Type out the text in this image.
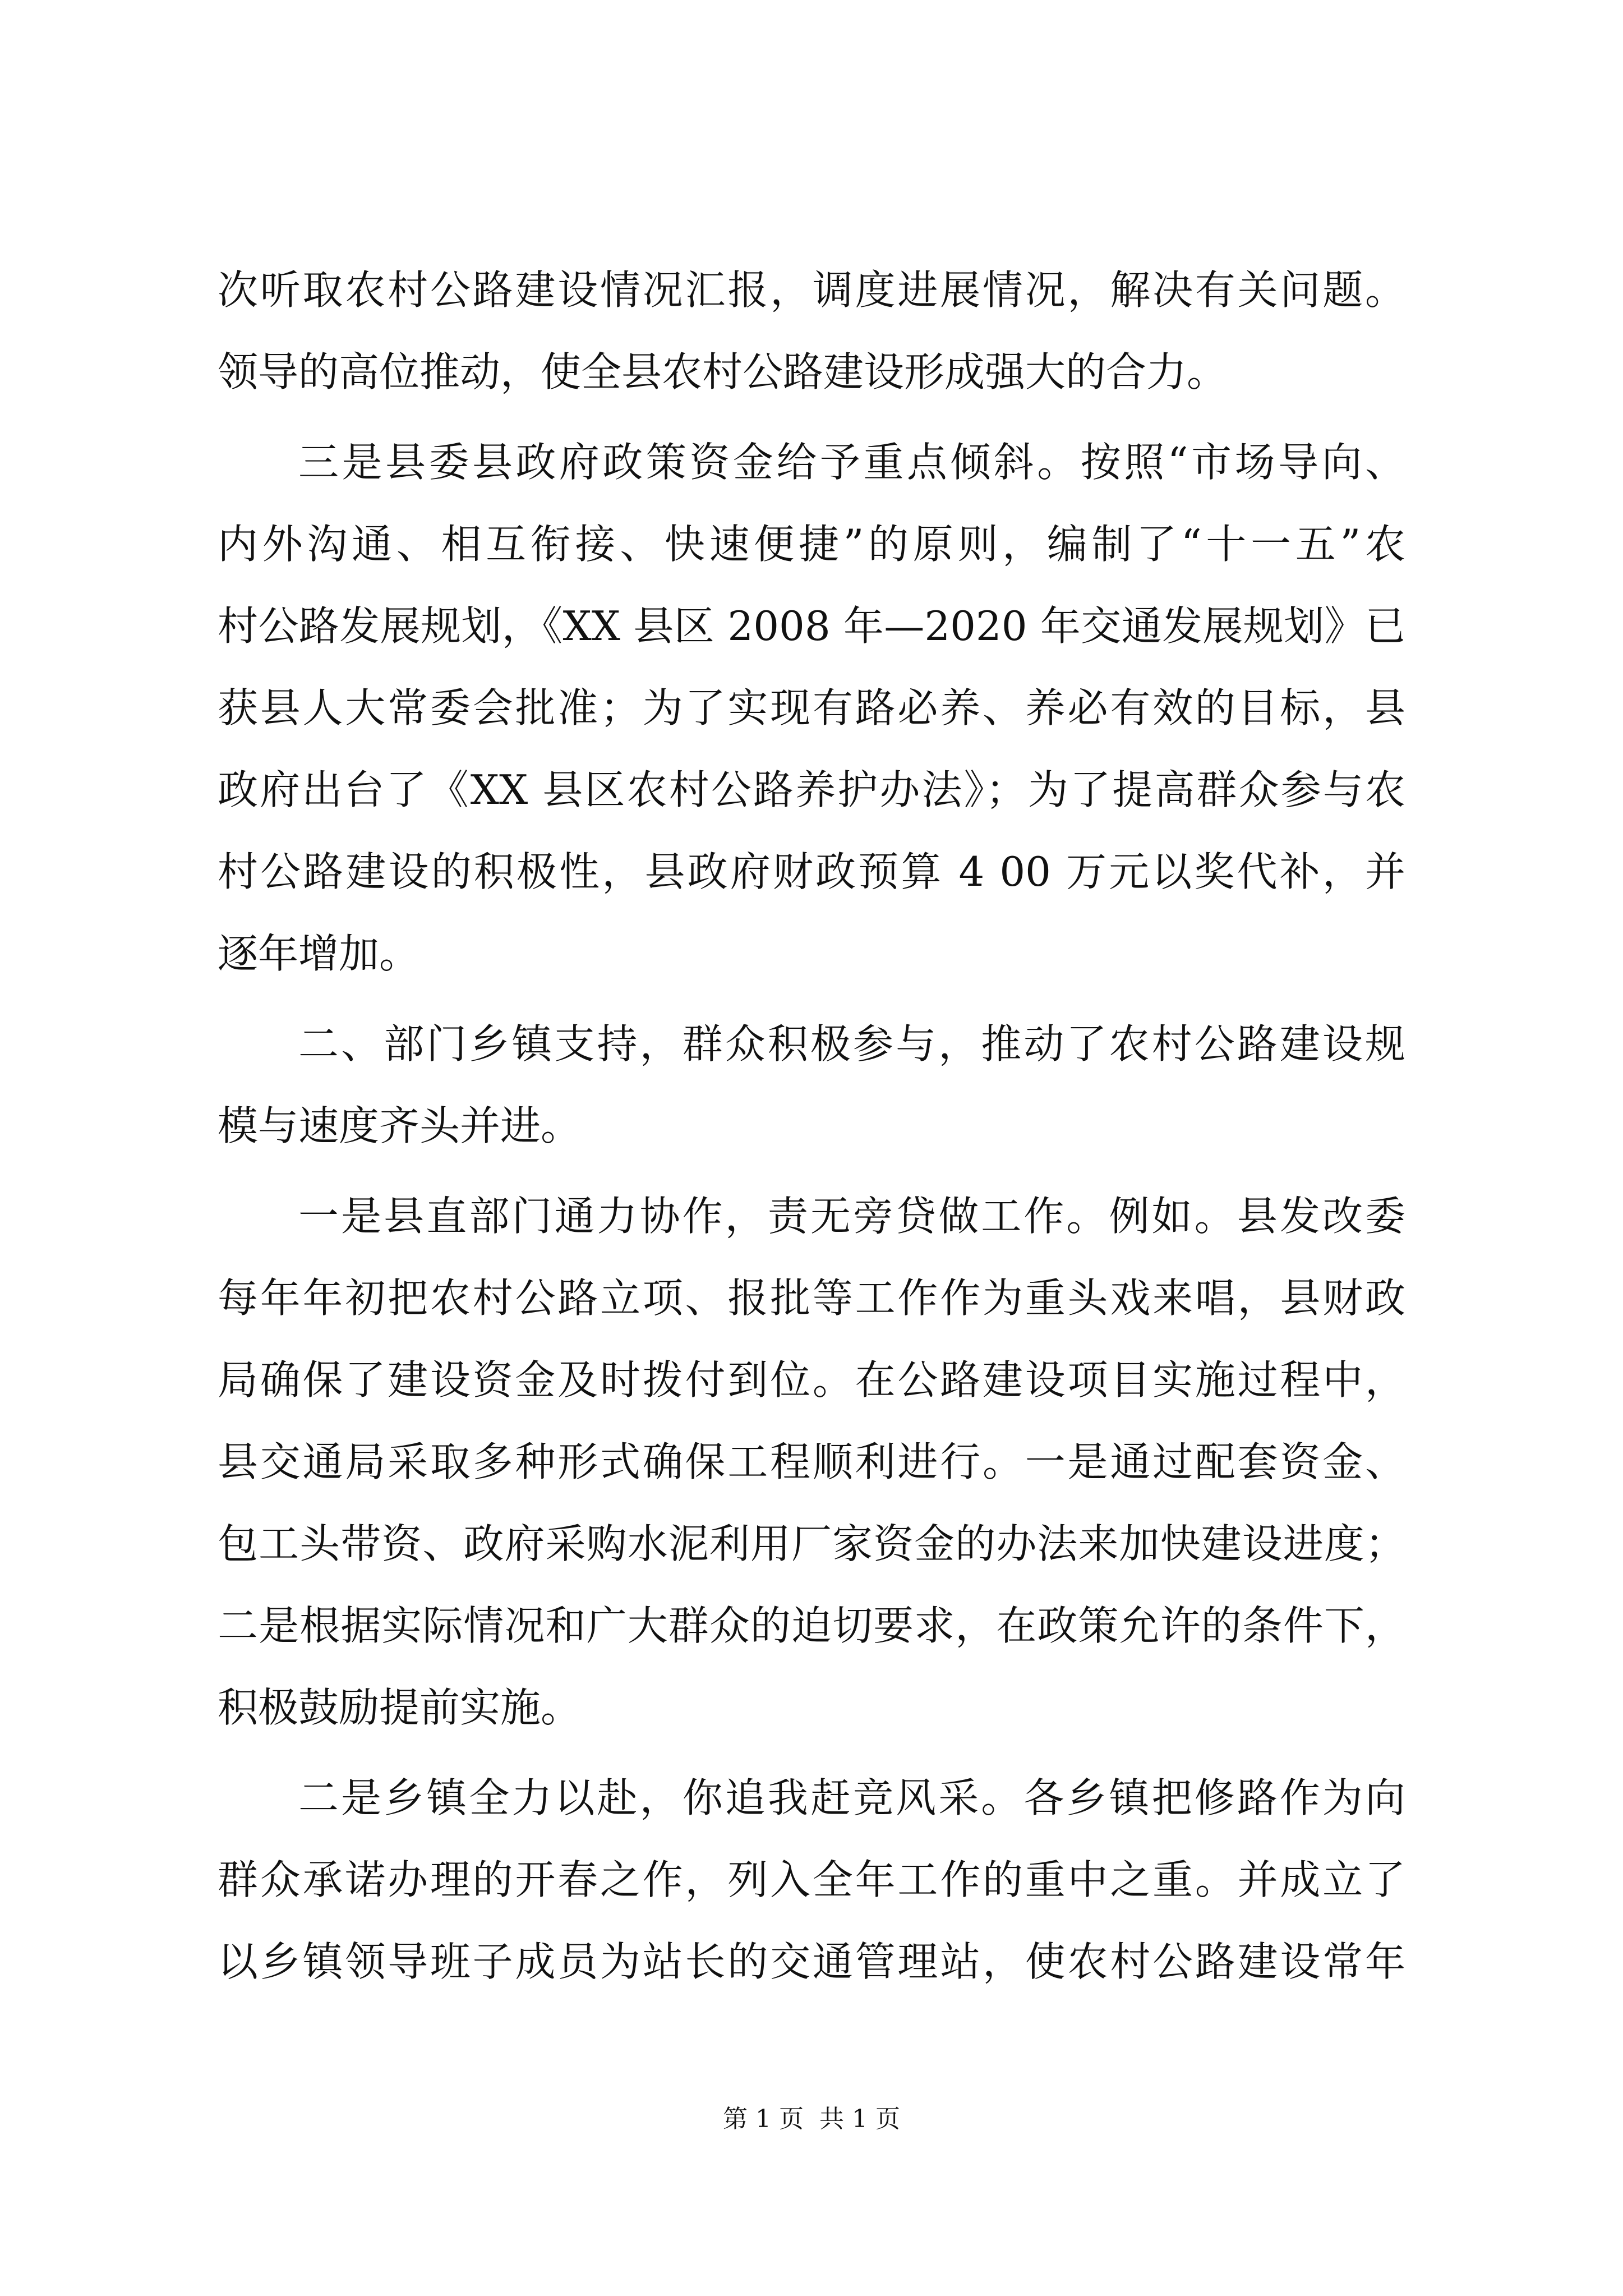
次听取农村公路建设情况汇报，调度进展情况，解决有关问题。
领导的高位推动，使全县农村公路建设形成强大的合力。
三是县委县政府政策资金给予重点倾斜。按照“市场导向、
内外沟通、相互衔接、快速便捷”的原则，编制了“十一五”农
村公路发展规划，《XX 县区 2008 年—2020 年交通发展规划》已
获县人大常委会批准；为了实现有路必养、养必有效的目标，县
政府出台了《XX 县区农村公路养护办法》；为了提高群众参与农
村公路建设的积极性，县政府财政预算 4 00 万元以奖代补，并
逐年增加。
二、部门乡镇支持，群众积极参与，推动了农村公路建设规
模与速度齐头并进。
一是县直部门通力协作，责无旁贷做工作。例如。县发改委
每年年初把农村公路立项、报批等工作作为重头戏来唱，县财政
局确保了建设资金及时拨付到位。在公路建设项目实施过程中，
县交通局采取多种形式确保工程顺利进行。一是通过配套资金、
包工头带资、政府采购水泥利用厂家资金的办法来加快建设进度；
二是根据实际情况和广大群众的迫切要求，在政策允许的条件下，
积极鼓励提前实施。
二是乡镇全力以赴，你追我赶竞风采。各乡镇把修路作为向
群众承诺办理的开春之作，列入全年工作的重中之重。并成立了
以乡镇领导班子成员为站长的交通管理站，使农村公路建设常年
第 1 页  共 1 页
